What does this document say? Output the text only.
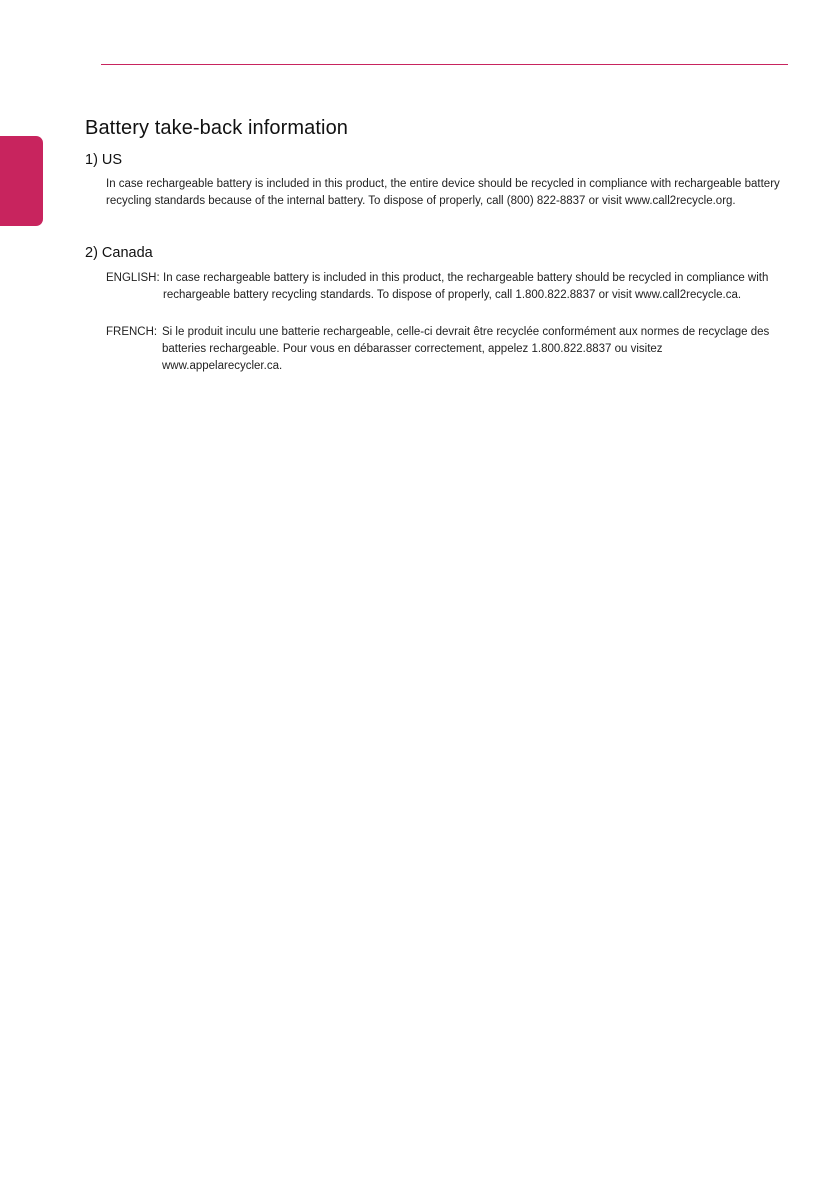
Battery take-back information
1) US

In case rechargeable battery is included in this product, the entire device should be recycled in compliance with rechargeable battery recycling standards because of the internal battery. To dispose of properly, call (800) 822-8837 or visit www.call2recycle.org.

2) Canada
ENGLISH: In case rechargeable battery is included in this product, the rechargeable battery should be recycled in compliance with rechargeable battery recycling standards. To dispose of properly, call 1.800.822.8837 or visit www.call2recycle.ca.

FRENCH: Si le produit inculu une batterie rechargeable, celle-ci devrait être recyclée conformément aux normes de recyclage des batteries rechargeable. Pour vous en débarasser correctement, appelez 1.800.822.8837 ou visitez www.appelarecycler.ca.
